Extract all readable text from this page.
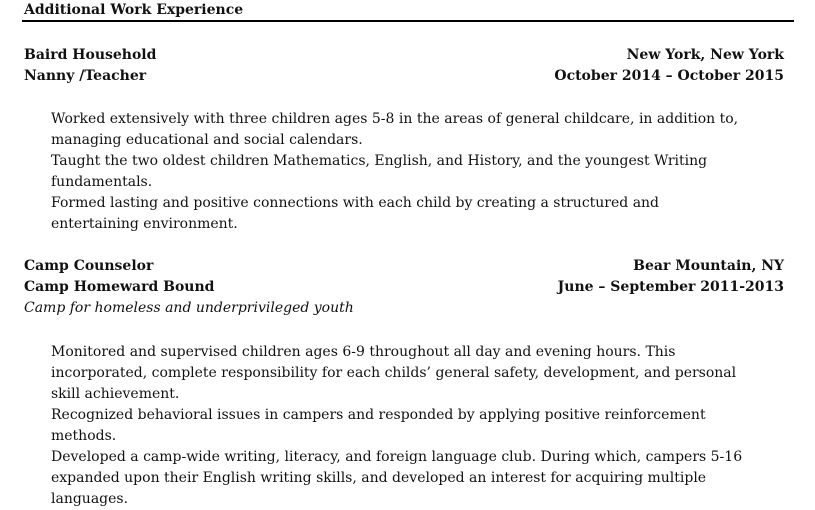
Additional Work Experience
Baird Household	New York, New York
Nanny /Teacher	October 2014 – October 2015

Worked extensively with three children ages 5-8 in the areas of general childcare, in addition to, managing educational and social calendars.

Taught the two oldest children Mathematics, English, and History, and the youngest Writing fundamentals.

Formed lasting and positive connections with each child by creating a structured and entertaining environment.

Camp Counselor	Bear Mountain, NY
Camp Homeward Bound	June – September 2011-2013
Camp for homeless and underprivileged youth

Monitored and supervised children ages 6-9 throughout all day and evening hours. This incorporated, complete responsibility for each childs’ general safety, development, and personal skill achievement.

Recognized behavioral issues in campers and responded by applying positive reinforcement methods.

Developed a camp-wide writing, literacy, and foreign language club. During which, campers 5-16 expanded upon their English writing skills, and developed an interest for acquiring multiple languages.
